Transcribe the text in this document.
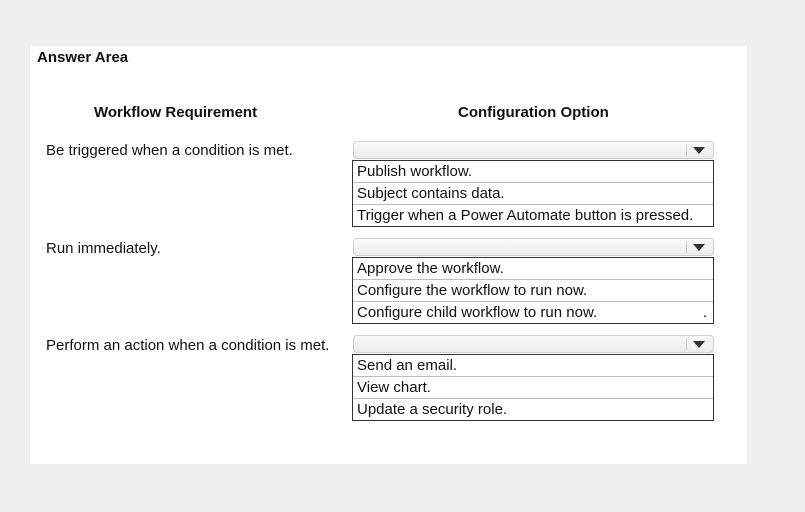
Answer Area
Workflow Requirement	Configuration Option
Be triggered when a condition is met.
Publish workflow.
Subject contains data.
Trigger when a Power Automate button is pressed.
Run immediately.
Approve the workflow.
Configure the workflow to run now.
Configure child workflow to run now.	.
Perform an action when a condition is met.
Send an email.
View chart.
Update a security role.
